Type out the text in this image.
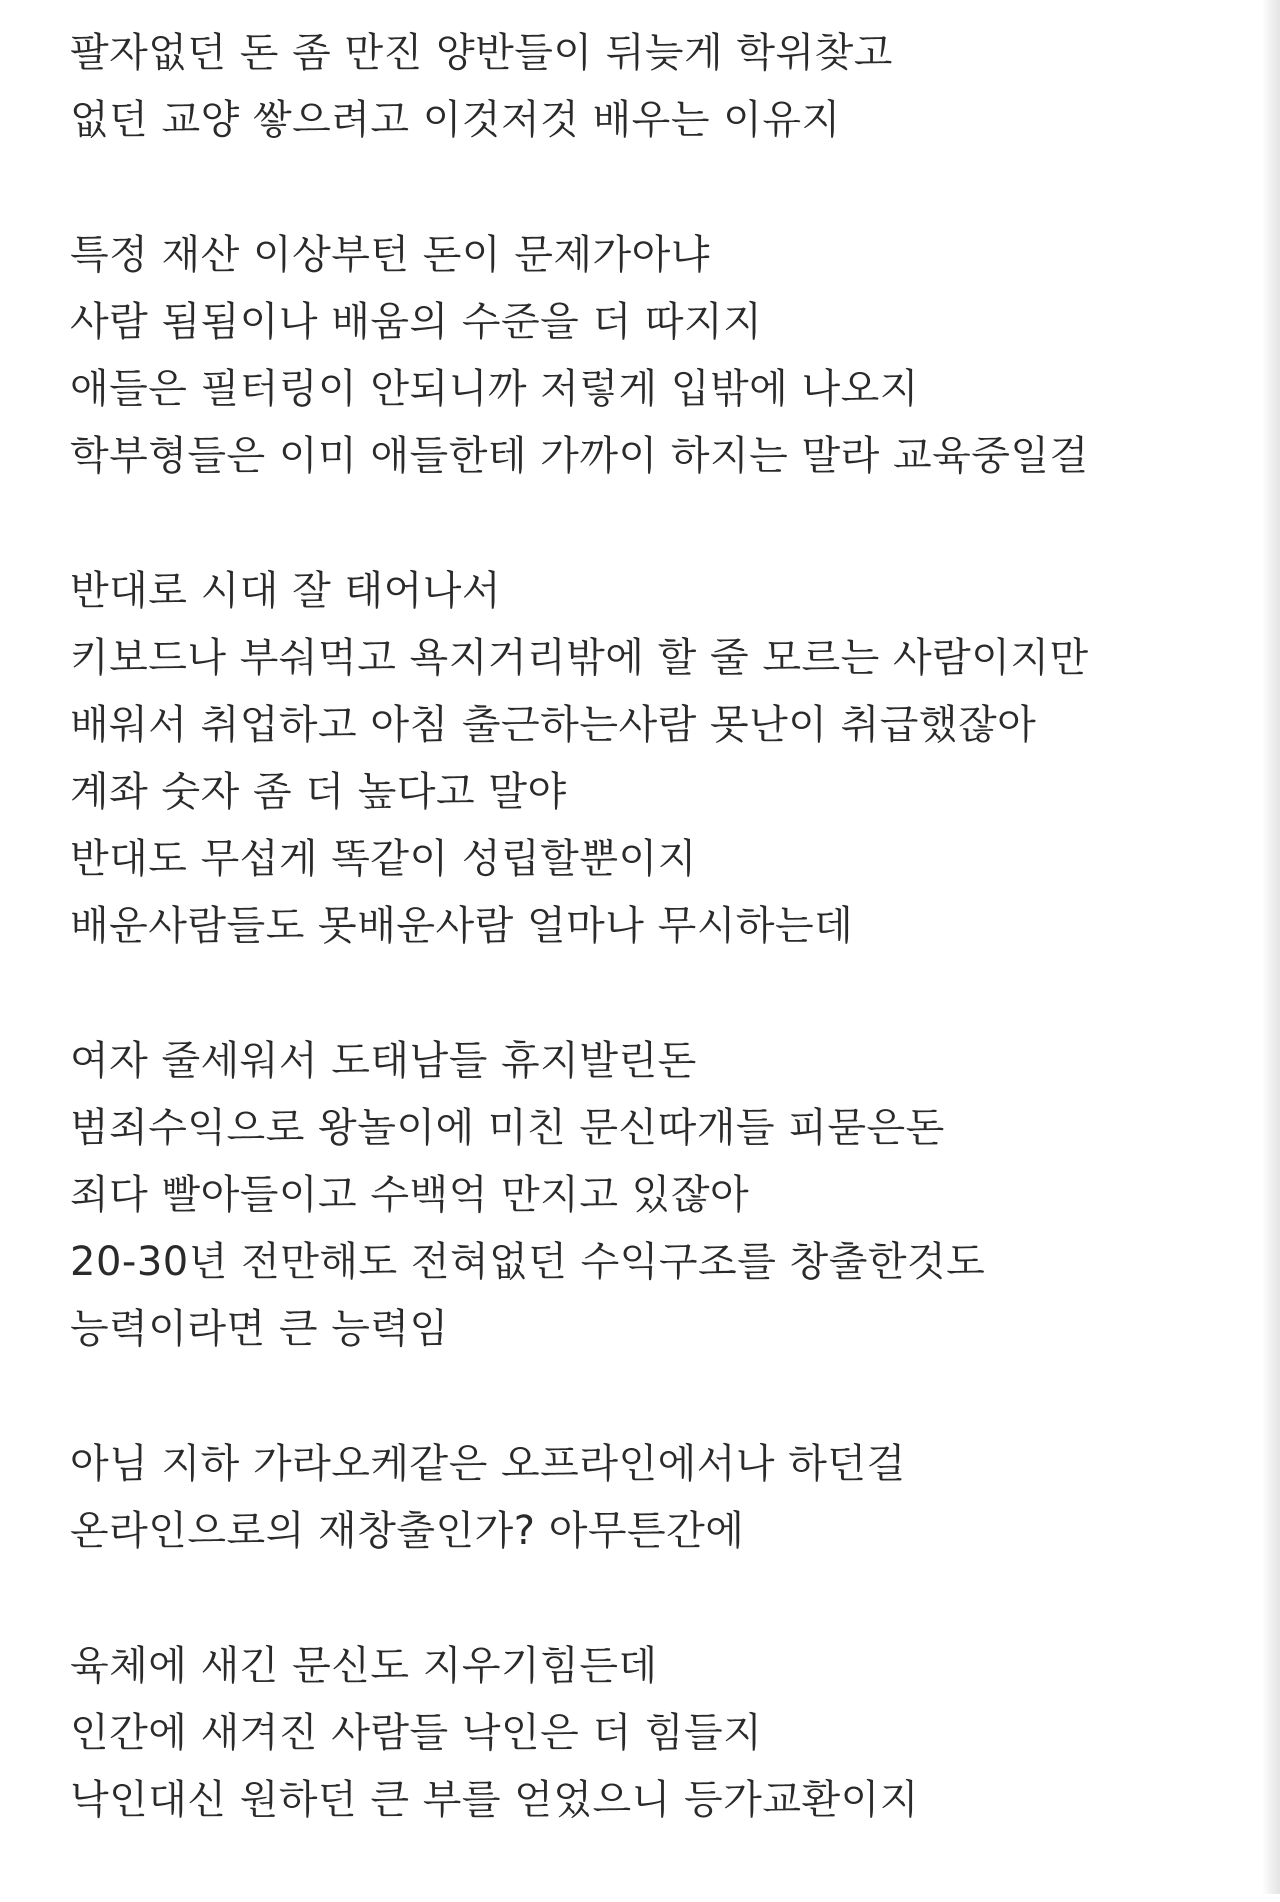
팔자없던 돈 좀 만진 양반들이 뒤늦게 학위찾고
없던 교양 쌓으려고 이것저것 배우는 이유지
특정 재산 이상부턴 돈이 문제가아냐
사람 됨됨이나 배움의 수준을 더 따지지
애들은 필터링이 안되니까 저렇게 입밖에 나오지
학부형들은 이미 애들한테 가까이 하지는 말라 교육중일걸
반대로 시대 잘 태어나서
키보드나 부숴먹고 욕지거리밖에 할 줄 모르는 사람이지만
배워서 취업하고 아침 출근하는사람 못난이 취급했잖아
계좌 숫자 좀 더 높다고 말야
반대도 무섭게 똑같이 성립할뿐이지
배운사람들도 못배운사람 얼마나 무시하는데
여자 줄세워서 도태남들 휴지발린돈
범죄수익으로 왕놀이에 미친 문신따개들 피묻은돈
죄다 빨아들이고 수백억 만지고 있잖아
20-30년 전만해도 전혀없던 수익구조를 창출한것도
능력이라면 큰 능력임
아님 지하 가라오케같은 오프라인에서나 하던걸
온라인으로의 재창출인가? 아무튼간에
육체에 새긴 문신도 지우기힘든데
인간에 새겨진 사람들 낙인은 더 힘들지
낙인대신 원하던 큰 부를 얻었으니 등가교환이지
